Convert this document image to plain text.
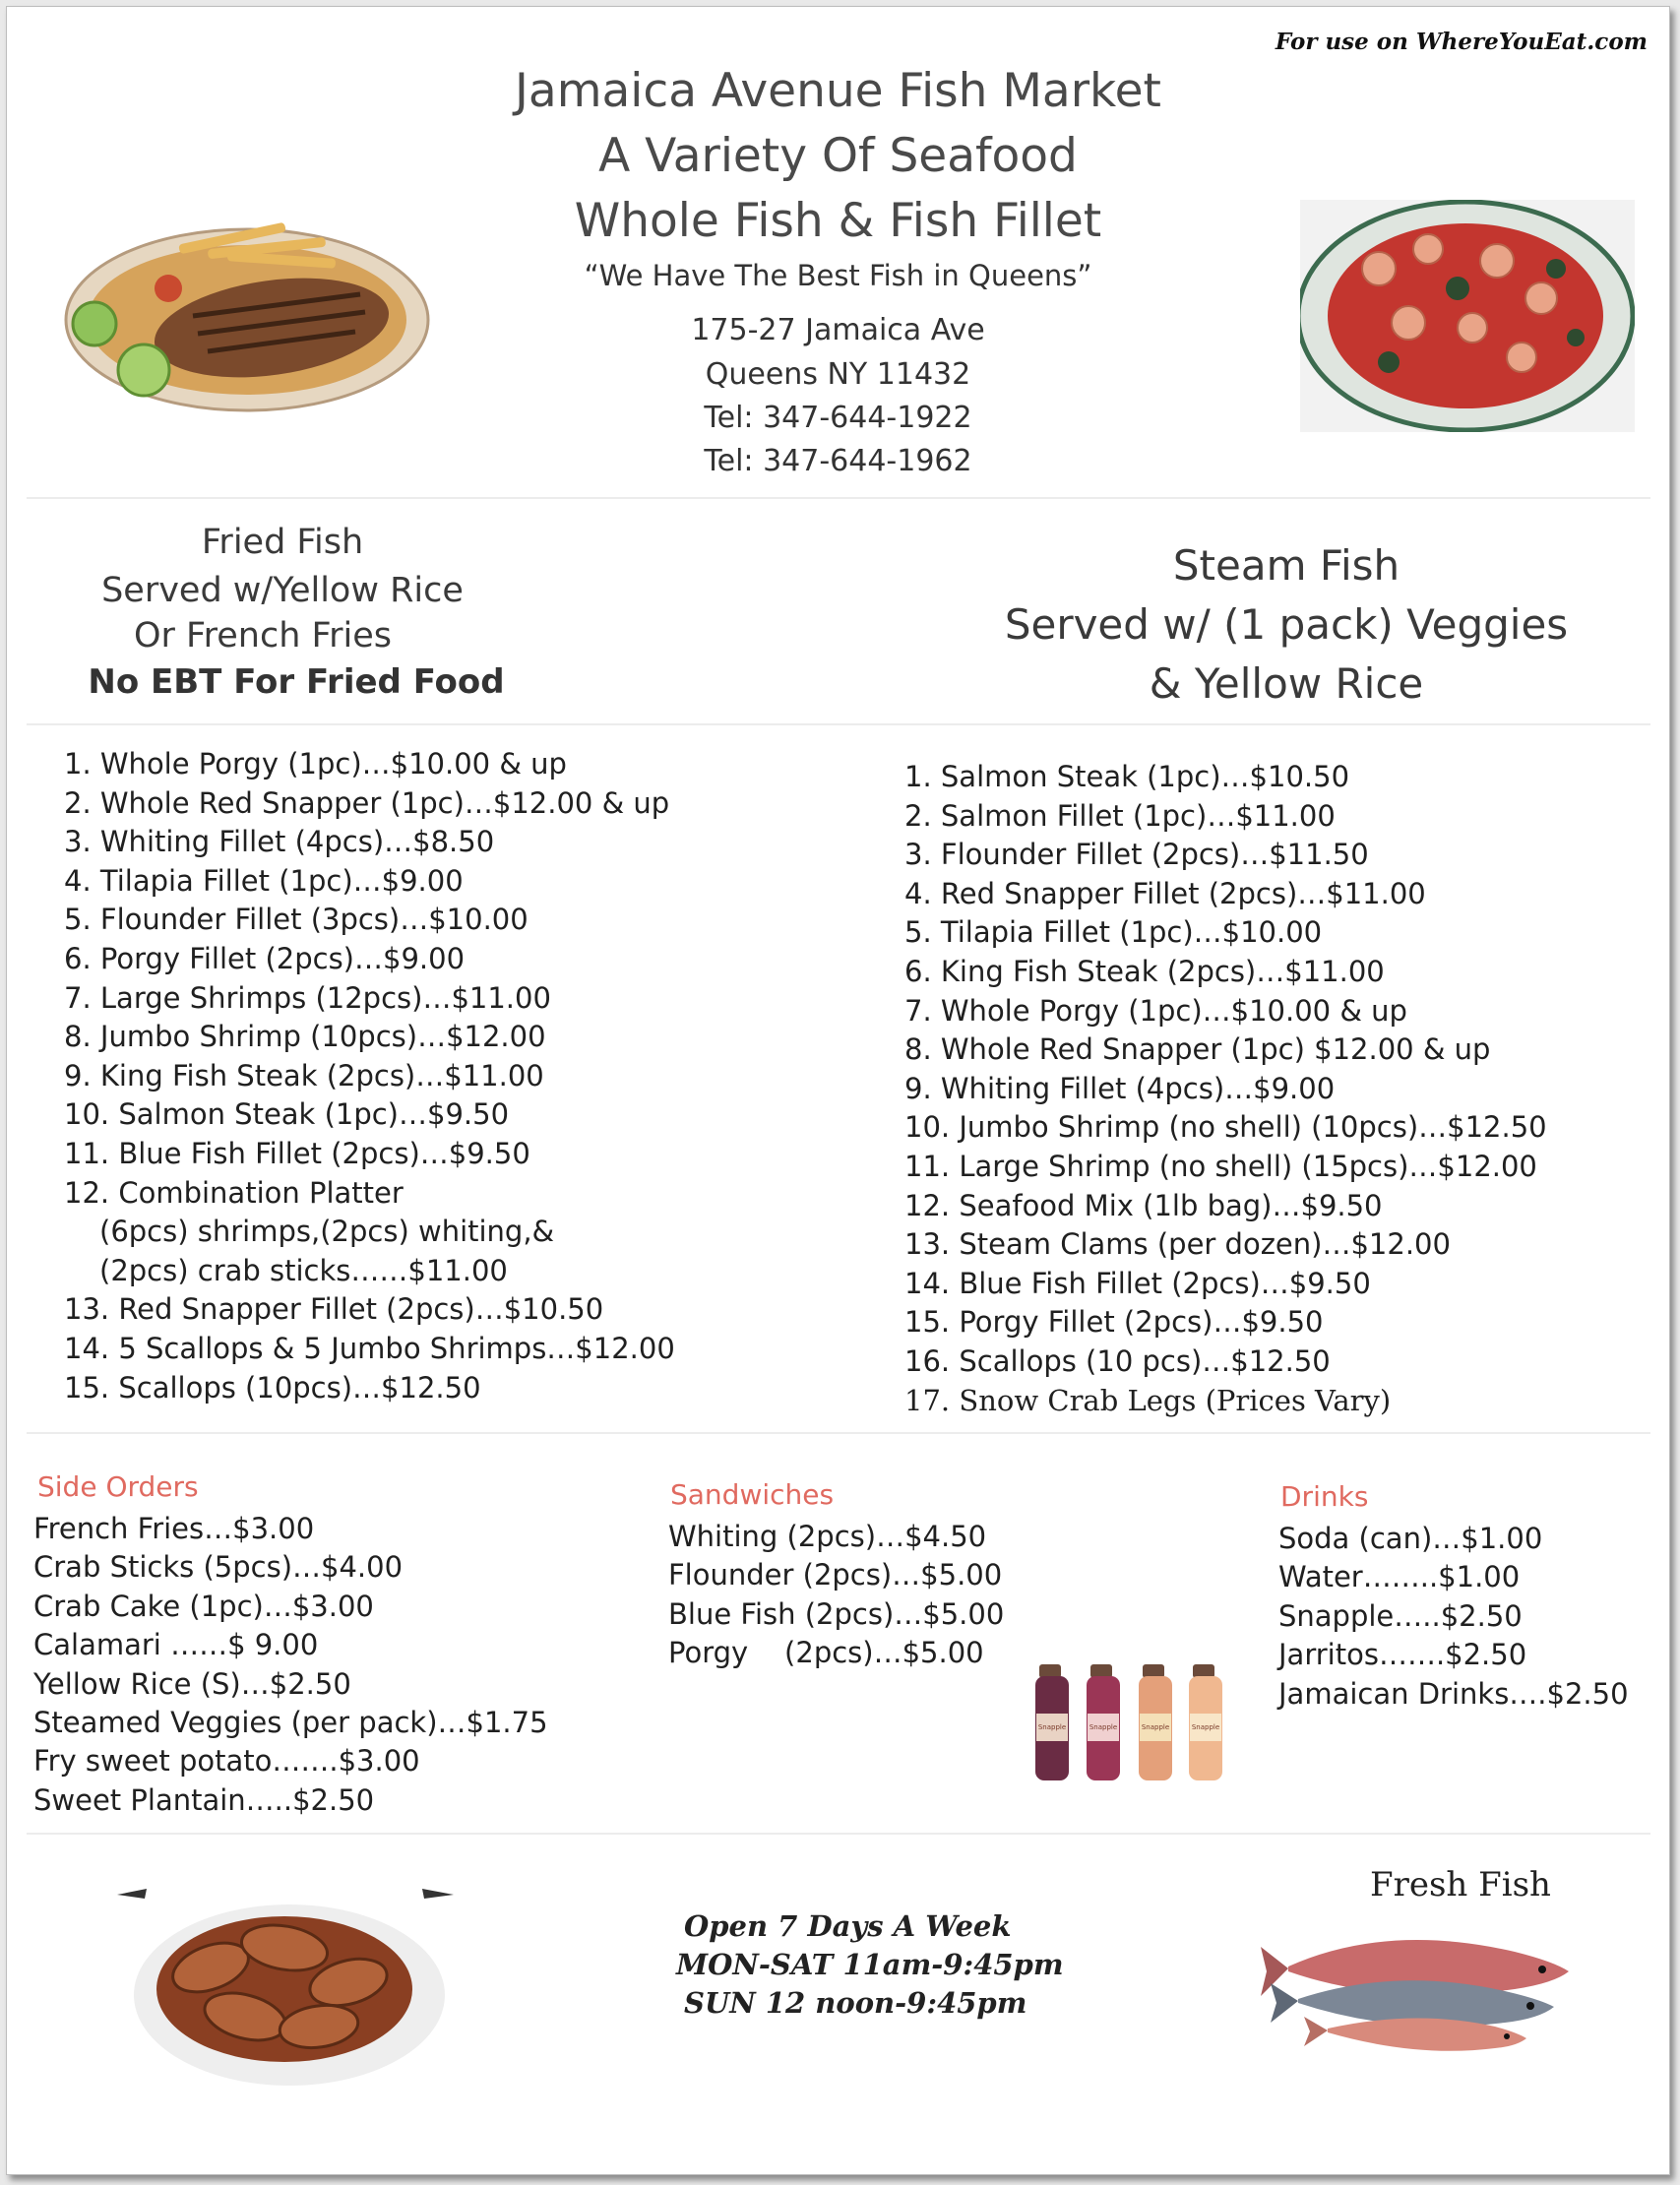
For use on WhereYouEat.com
Jamaica Avenue Fish Market
A Variety Of Seafood
Whole Fish & Fish Fillet
“We Have The Best Fish in Queens”
175-27 Jamaica Ave
Queens NY 11432
Tel: 347-644-1922
Tel: 347-644-1962
Fried Fish
Served w/Yellow Rice
Or French Fries
No EBT For Fried Food
Steam Fish
Served w/ (1 pack) Veggies
& Yellow Rice
1. Whole Porgy (1pc)…$10.00 & up
2. Whole Red Snapper (1pc)…$12.00 & up
3. Whiting Fillet (4pcs)…$8.50
4. Tilapia Fillet (1pc)…$9.00
5. Flounder Fillet (3pcs)…$10.00
6. Porgy Fillet (2pcs)…$9.00
7. Large Shrimps (12pcs)…$11.00
8. Jumbo Shrimp (10pcs)…$12.00
9. King Fish Steak (2pcs)…$11.00
10. Salmon Steak (1pc)…$9.50
11. Blue Fish Fillet (2pcs)…$9.50
12. Combination Platter
(6pcs) shrimps,(2pcs) whiting,&
(2pcs) crab sticks……$11.00
13. Red Snapper Fillet (2pcs)…$10.50
14. 5 Scallops & 5 Jumbo Shrimps…$12.00
15. Scallops (10pcs)…$12.50
1. Salmon Steak (1pc)…$10.50
2. Salmon Fillet (1pc)…$11.00
3. Flounder Fillet (2pcs)…$11.50
4. Red Snapper Fillet (2pcs)…$11.00
5. Tilapia Fillet (1pc)…$10.00
6. King Fish Steak (2pcs)…$11.00
7. Whole Porgy (1pc)…$10.00 & up
8. Whole Red Snapper (1pc) $12.00 & up
9. Whiting Fillet (4pcs)…$9.00
10. Jumbo Shrimp (no shell) (10pcs)…$12.50
11. Large Shrimp (no shell) (15pcs)…$12.00
12. Seafood Mix (1lb bag)…$9.50
13. Steam Clams (per dozen)…$12.00
14. Blue Fish Fillet (2pcs)…$9.50
15. Porgy Fillet (2pcs)…$9.50
16. Scallops (10 pcs)…$12.50
17. Snow Crab Legs (Prices Vary)
Side Orders
French Fries…$3.00
Crab Sticks (5pcs)…$4.00
Crab Cake (1pc)…$3.00
Calamari ……$ 9.00
Yellow Rice (S)…$2.50
Steamed Veggies (per pack)…$1.75
Fry sweet potato…….$3.00
Sweet Plantain…..$2.50
Sandwiches
Whiting (2pcs)…$4.50
Flounder (2pcs)…$5.00
Blue Fish (2pcs)…$5.00
Porgy    (2pcs)…$5.00
Snapple	Snapple	Snapple	Snapple
Drinks
Soda (can)…$1.00
Water……..$1.00
Snapple…..$2.50
Jarritos…….$2.50
Jamaican Drinks….$2.50
Open 7 Days A Week
MON-SAT 11am-9:45pm
SUN 12 noon-9:45pm
Fresh Fish
